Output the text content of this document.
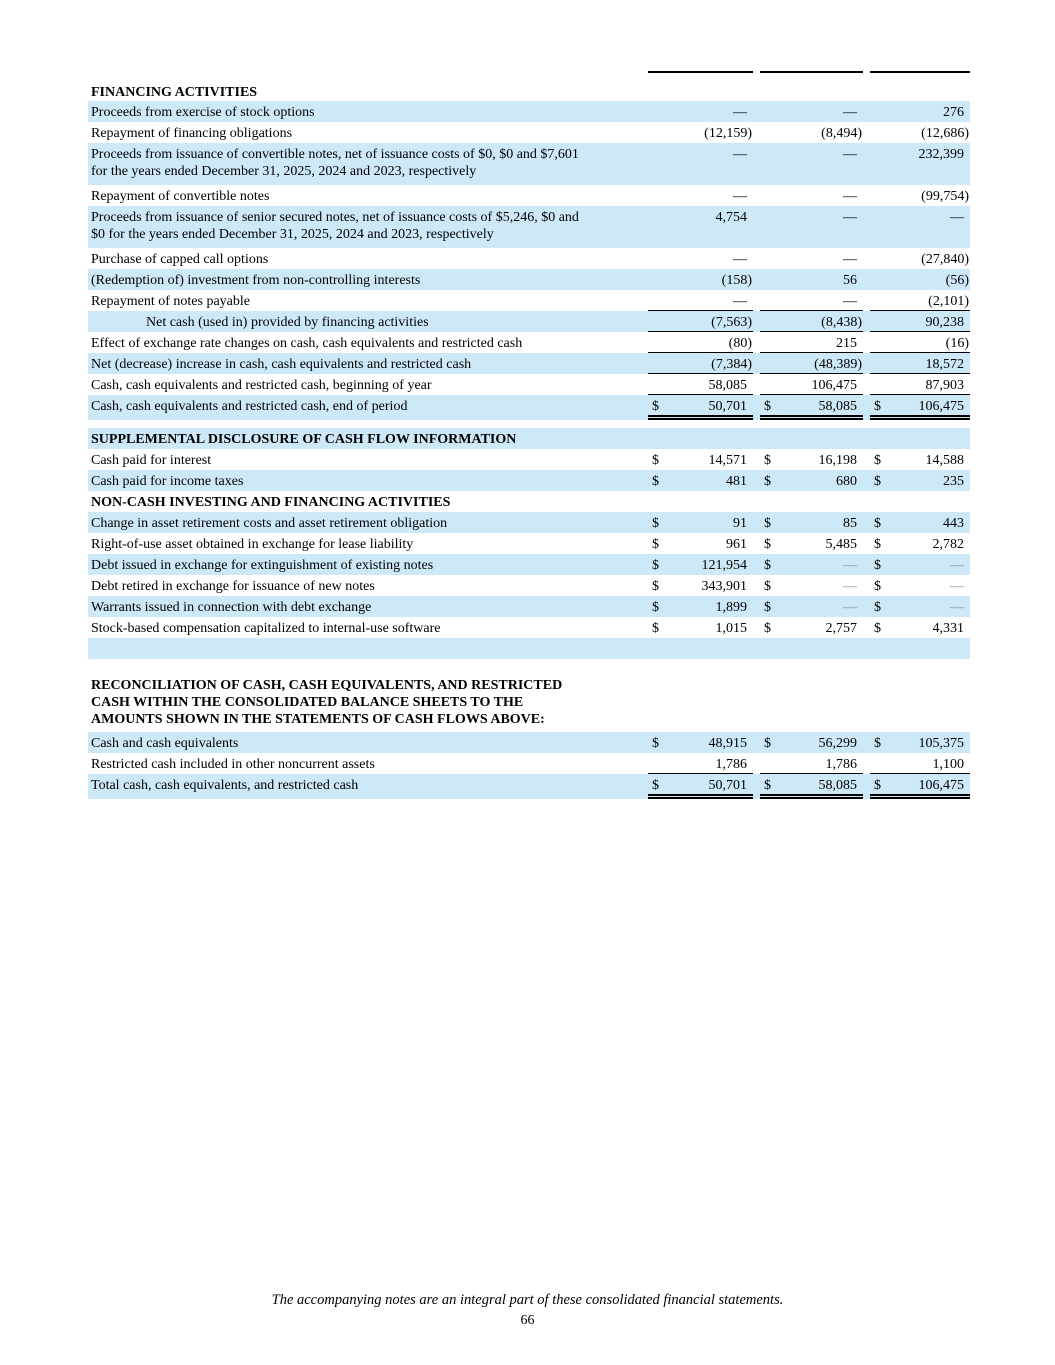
FINANCING ACTIVITIES
Proceeds from exercise of stock options	—	—	276
Repayment of financing obligations	(12,159)	(8,494)	(12,686)
Proceeds from issuance of convertible notes, net of issuance costs of $0, $0 and $7,601
for the years ended December 31, 2025, 2024 and 2023, respectively
—	—	232,399
Repayment of convertible notes	—	—	(99,754)
Proceeds from issuance of senior secured notes, net of issuance costs of $5,246, $0 and
$0 for the years ended December 31, 2025, 2024 and 2023, respectively
4,754	—	—
Purchase of capped call options	—	—	(27,840)
(Redemption of) investment from non-controlling interests	(158)	56	(56)
Repayment of notes payable	—	—	(2,101)
Net cash (used in) provided by financing activities	(7,563)	(8,438)	90,238
Effect of exchange rate changes on cash, cash equivalents and restricted cash	(80)	215	(16)
Net (decrease) increase in cash, cash equivalents and restricted cash	(7,384)	(48,389)	18,572
Cash, cash equivalents and restricted cash, beginning of year	58,085	106,475	87,903
Cash, cash equivalents and restricted cash, end of period	$	50,701	$	58,085	$	106,475
SUPPLEMENTAL DISCLOSURE OF CASH FLOW INFORMATION
Cash paid for interest	$	14,571	$	16,198	$	14,588
Cash paid for income taxes	$	481	$	680	$	235
NON-CASH INVESTING AND FINANCING ACTIVITIES
Change in asset retirement costs and asset retirement obligation	$	91	$	85	$	443
Right-of-use asset obtained in exchange for lease liability	$	961	$	5,485	$	2,782
Debt issued in exchange for extinguishment of existing notes	$	121,954	$	—	$	—
Debt retired in exchange for issuance of new notes	$	343,901	$	—	$	—
Warrants issued in connection with debt exchange	$	1,899	$	—	$	—
Stock-based compensation capitalized to internal-use software	$	1,015	$	2,757	$	4,331
RECONCILIATION OF CASH, CASH EQUIVALENTS, AND RESTRICTED
CASH WITHIN THE CONSOLIDATED BALANCE SHEETS TO THE
AMOUNTS SHOWN IN THE STATEMENTS OF CASH FLOWS ABOVE:
Cash and cash equivalents	$	48,915	$	56,299	$	105,375
Restricted cash included in other noncurrent assets	1,786	1,786	1,100
Total cash, cash equivalents, and restricted cash	$	50,701	$	58,085	$	106,475
The accompanying notes are an integral part of these consolidated financial statements.
66
